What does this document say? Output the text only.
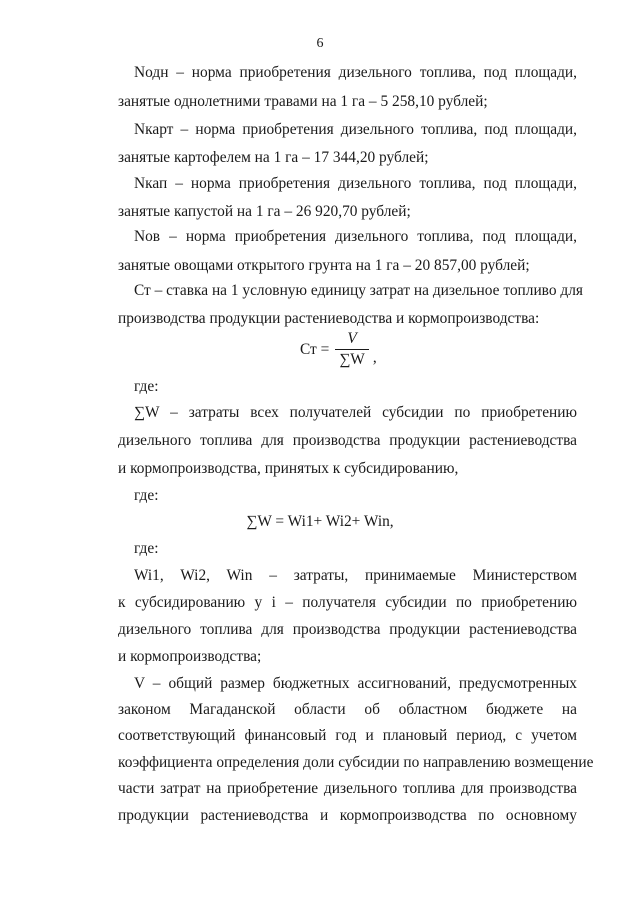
6
Nодн – норма приобретения дизельного топлива, под площади,
занятые однолетними травами на 1 га – 5 258,10 рублей;
Nкарт – норма приобретения дизельного топлива, под площади,
занятые картофелем на 1 га – 17 344,20 рублей;
Nкап – норма приобретения дизельного топлива, под площади,
занятые капустой на 1 га – 26 920,70 рублей;
Nов – норма приобретения дизельного топлива, под площади,
занятые овощами открытого грунта на 1 га – 20 857,00 рублей;
Ст – ставка на 1 условную единицу затрат на дизельное топливо для
производства продукции растениеводства и кормопроизводства:
где:
∑W – затраты всех получателей субсидии по приобретению
дизельного топлива для производства продукции растениеводства
и кормопроизводства, принятых к субсидированию,
где:
∑W = Wi1+ Wi2+ Win,
где:
Wi1, Wi2, Win – затраты, принимаемые Министерством
к субсидированию у i – получателя субсидии по приобретению
дизельного топлива для производства продукции растениеводства
и кормопроизводства;
V – общий размер бюджетных ассигнований, предусмотренных
законом Магаданской области об областном бюджете на
соответствующий финансовый год и плановый период, с учетом
коэффициента определения доли субсидии по направлению возмещение
части затрат на приобретение дизельного топлива для производства
продукции растениеводства и кормопроизводства по основному
Ст = $\frac{V}{\sum W}$ ,
